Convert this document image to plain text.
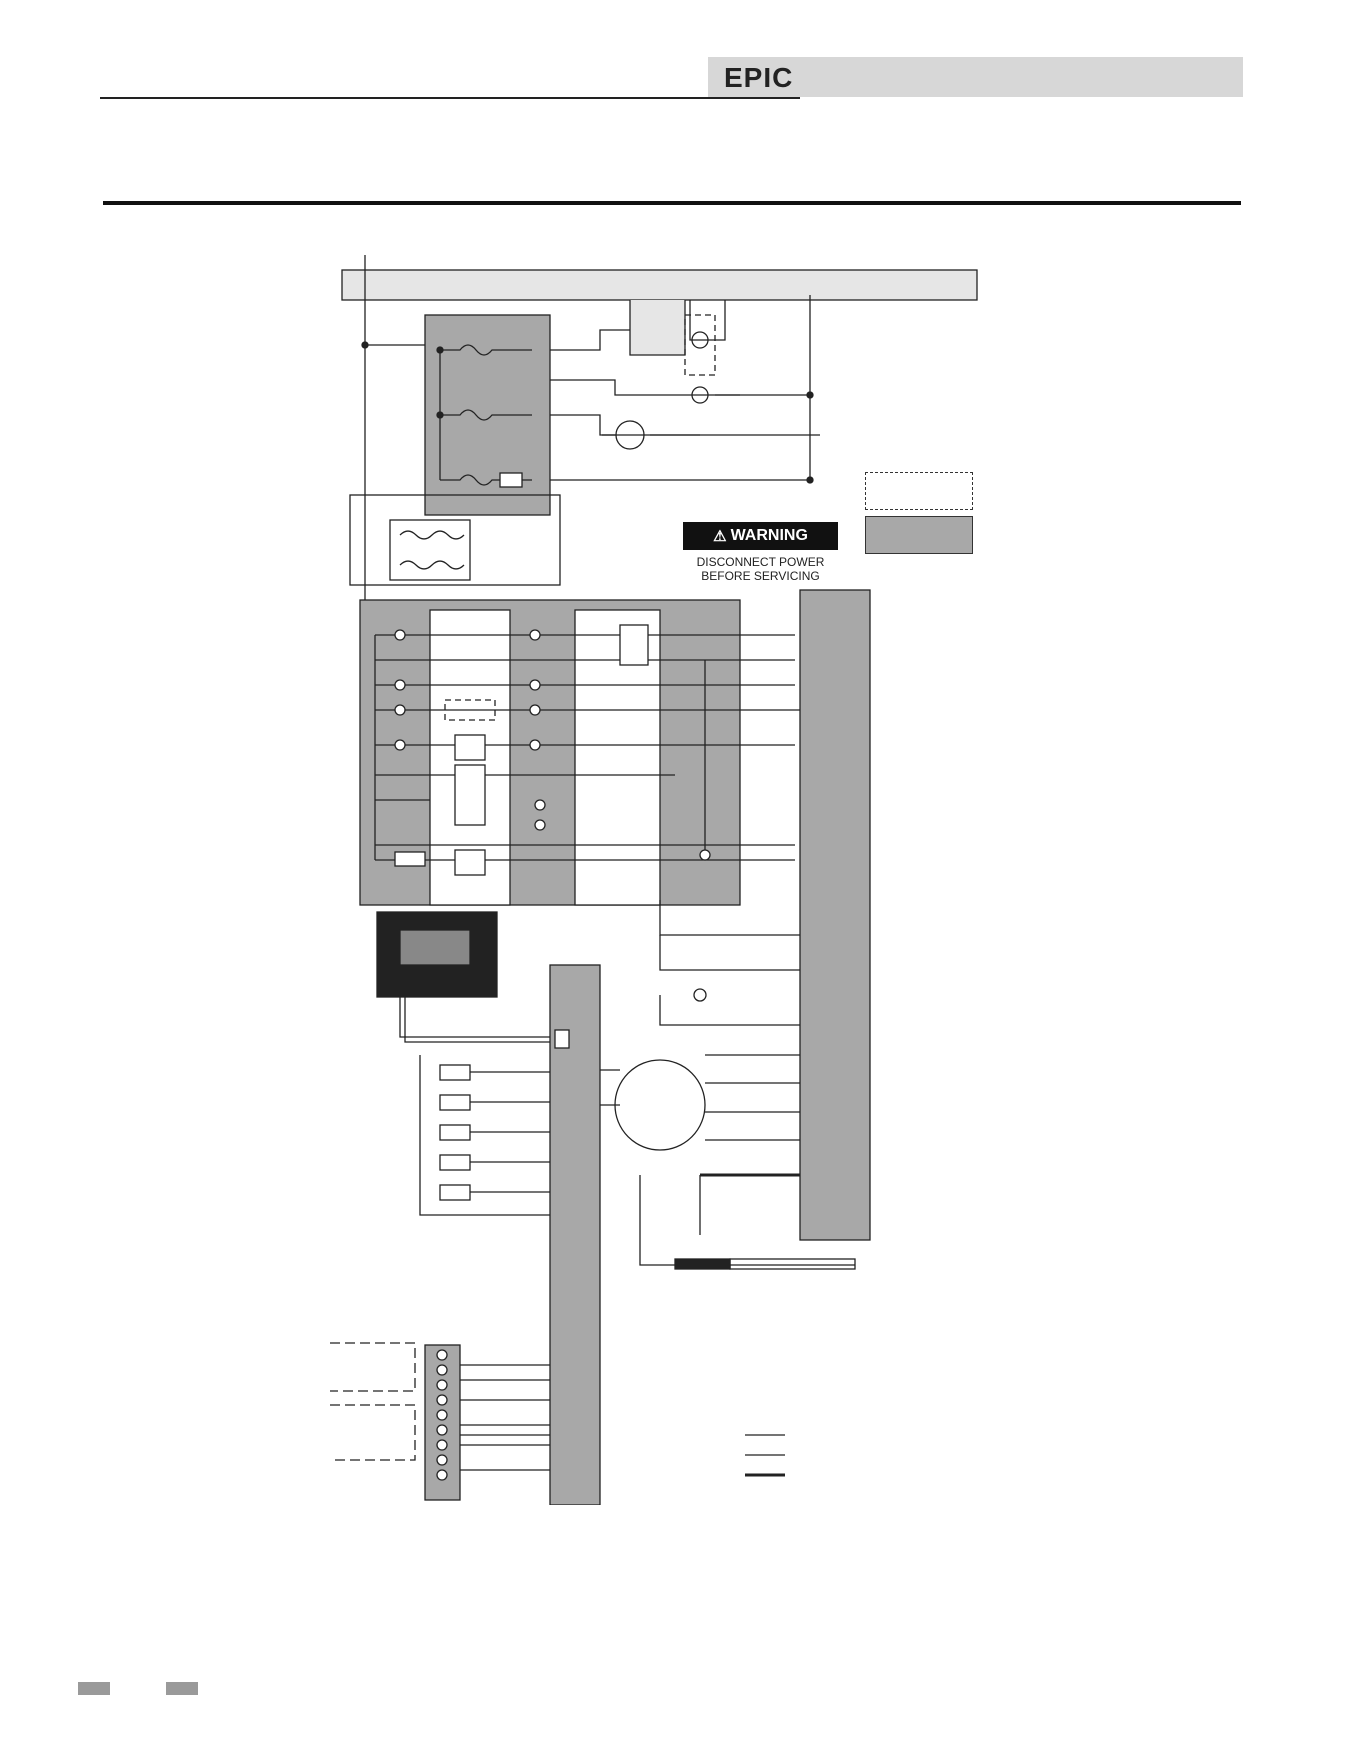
EPIC
⚠ WARNING
DISCONNECT POWER
BEFORE SERVICING
